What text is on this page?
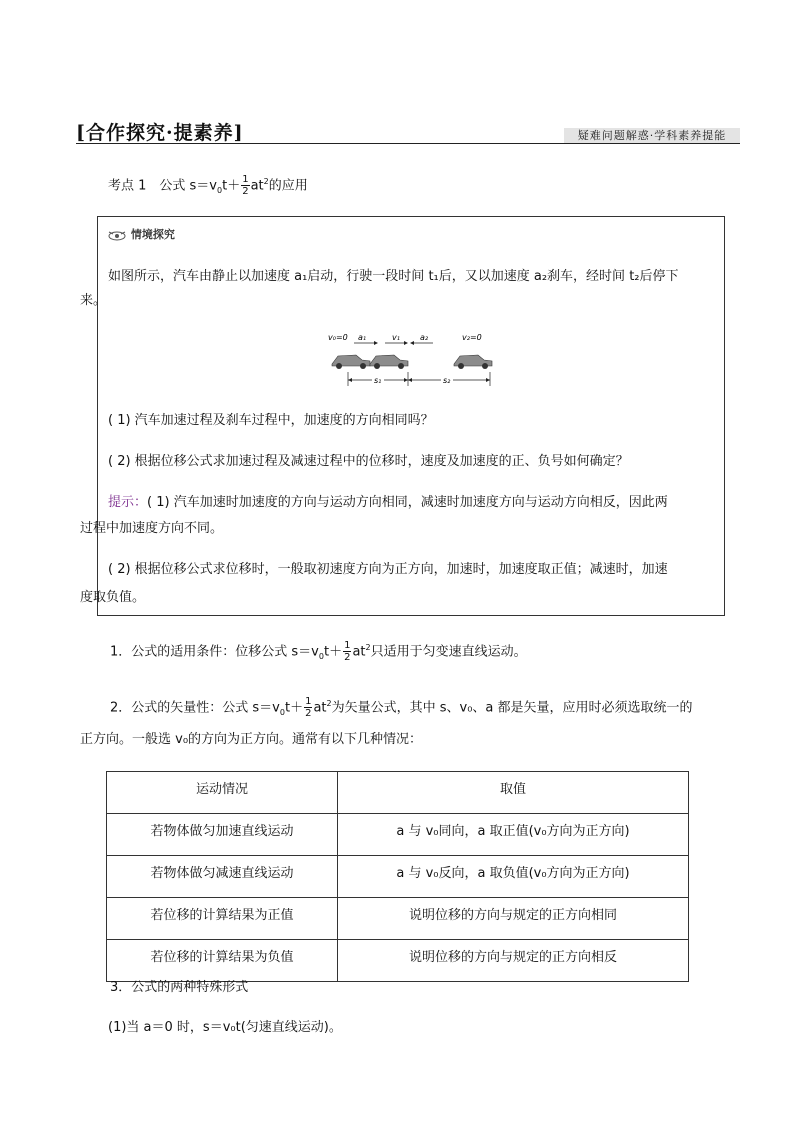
[合作探究·提素养]	疑难问题解惑·学科素养提能
考点 1　公式 $s=v_0t+ \frac{1}{2} at^2$的应用
情境探究
如图所示，汽车由静止以加速度 a₁启动，行驶一段时间 t₁后，又以加速度 a₂刹车，经时间 t₂后停下
来。
v₀=0 a₁	v₁	a₂	v₂=0
s₁	s₂
( 1) 汽车加速过程及刹车过程中，加速度的方向相同吗？
( 2) 根据位移公式求加速过程及减速过程中的位移时，速度及加速度的正、负号如何确定？
提示：( 1) 汽车加速时加速度的方向与运动方向相同，减速时加速度方向与运动方向相反，因此两
过程中加速度方向不同。
( 2) 根据位移公式求位移时，一般取初速度方向为正方向，加速时，加速度取正值；减速时，加速
度取负值。
1．公式的适用条件：位移公式 $s=v_0t+ \frac{1}{2} at^2$只适用于匀变速直线运动。
2．公式的矢量性：公式 $s=v_0t+ \frac{1}{2} at^2$为矢量公式，其中 s、v₀、a 都是矢量，应用时必须选取统一的
正方向。一般选 v₀的方向为正方向。通常有以下几种情况：
运动情况	取值
若物体做匀加速直线运动	a 与 v₀同向，a 取正值(v₀方向为正方向)
若物体做匀减速直线运动	a 与 v₀反向，a 取负值(v₀方向为正方向)
若位移的计算结果为正值	说明位移的方向与规定的正方向相同
若位移的计算结果为负值	说明位移的方向与规定的正方向相反
3．公式的两种特殊形式
(1)当 a＝0 时，s＝v₀t(匀速直线运动)。
